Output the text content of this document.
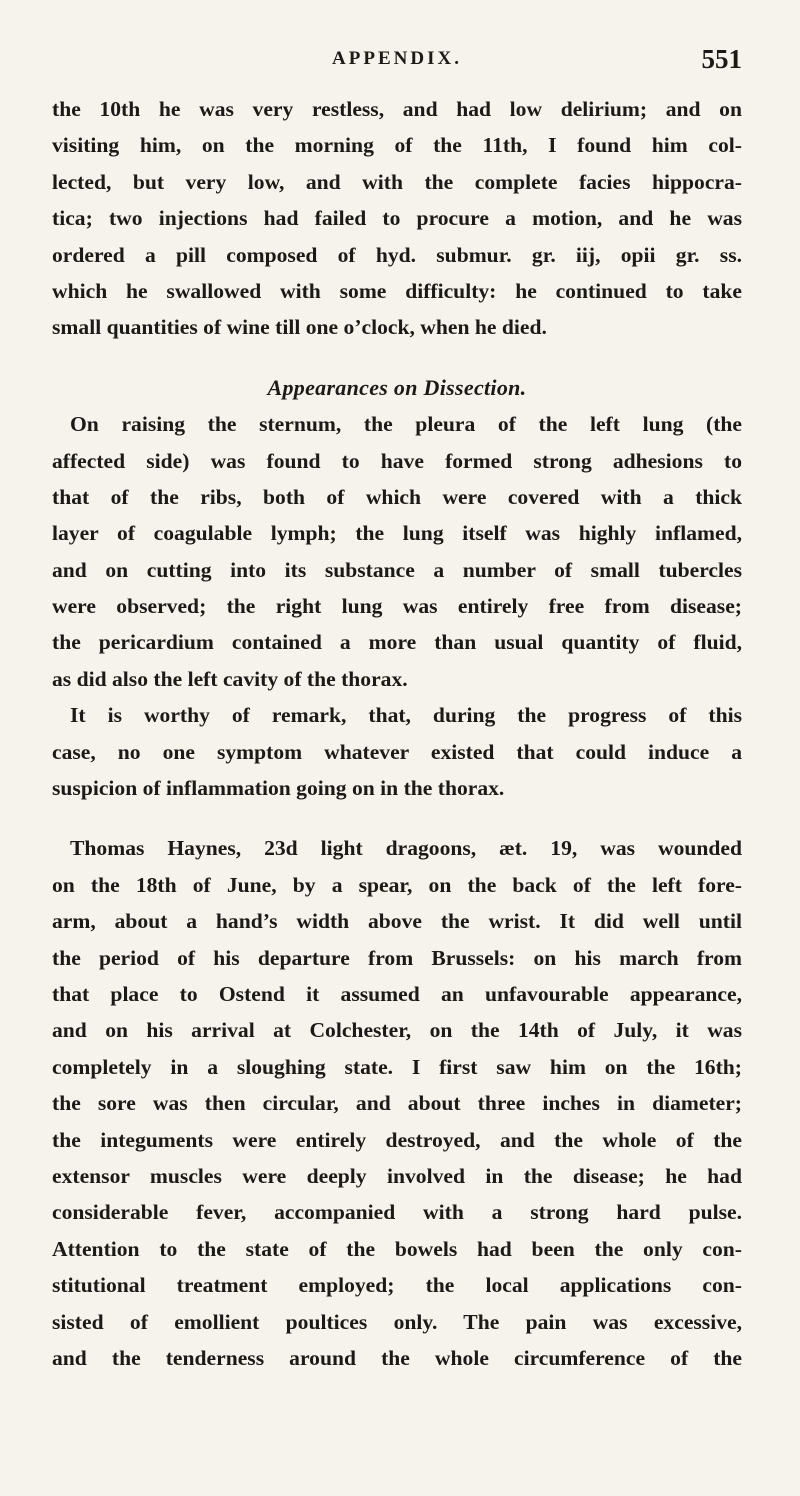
APPENDIX.	551
the 10th he was very restless, and had low delirium; and on
visiting him, on the morning of the 11th, I found him col-
lected, but very low, and with the complete facies hippocra-
tica; two injections had failed to procure a motion, and he was
ordered a pill composed of hyd. submur. gr. iij, opii gr. ss.
which he swallowed with some difficulty: he continued to take
small quantities of wine till one o’clock, when he died.
Appearances on Dissection.
On raising the sternum, the pleura of the left lung (the
affected side) was found to have formed strong adhesions to
that of the ribs, both of which were covered with a thick
layer of coagulable lymph; the lung itself was highly inflamed,
and on cutting into its substance a number of small tubercles
were observed; the right lung was entirely free from disease;
the pericardium contained a more than usual quantity of fluid,
as did also the left cavity of the thorax.
It is worthy of remark, that, during the progress of this
case, no one symptom whatever existed that could induce a
suspicion of inflammation going on in the thorax.
Thomas Haynes, 23d light dragoons, æt. 19, was wounded
on the 18th of June, by a spear, on the back of the left fore-
arm, about a hand’s width above the wrist. It did well until
the period of his departure from Brussels: on his march from
that place to Ostend it assumed an unfavourable appearance,
and on his arrival at Colchester, on the 14th of July, it was
completely in a sloughing state. I first saw him on the 16th;
the sore was then circular, and about three inches in diameter;
the integuments were entirely destroyed, and the whole of the
extensor muscles were deeply involved in the disease; he had
considerable fever, accompanied with a strong hard pulse.
Attention to the state of the bowels had been the only con-
stitutional treatment employed; the local applications con-
sisted of emollient poultices only. The pain was excessive,
and the tenderness around the whole circumference of the
